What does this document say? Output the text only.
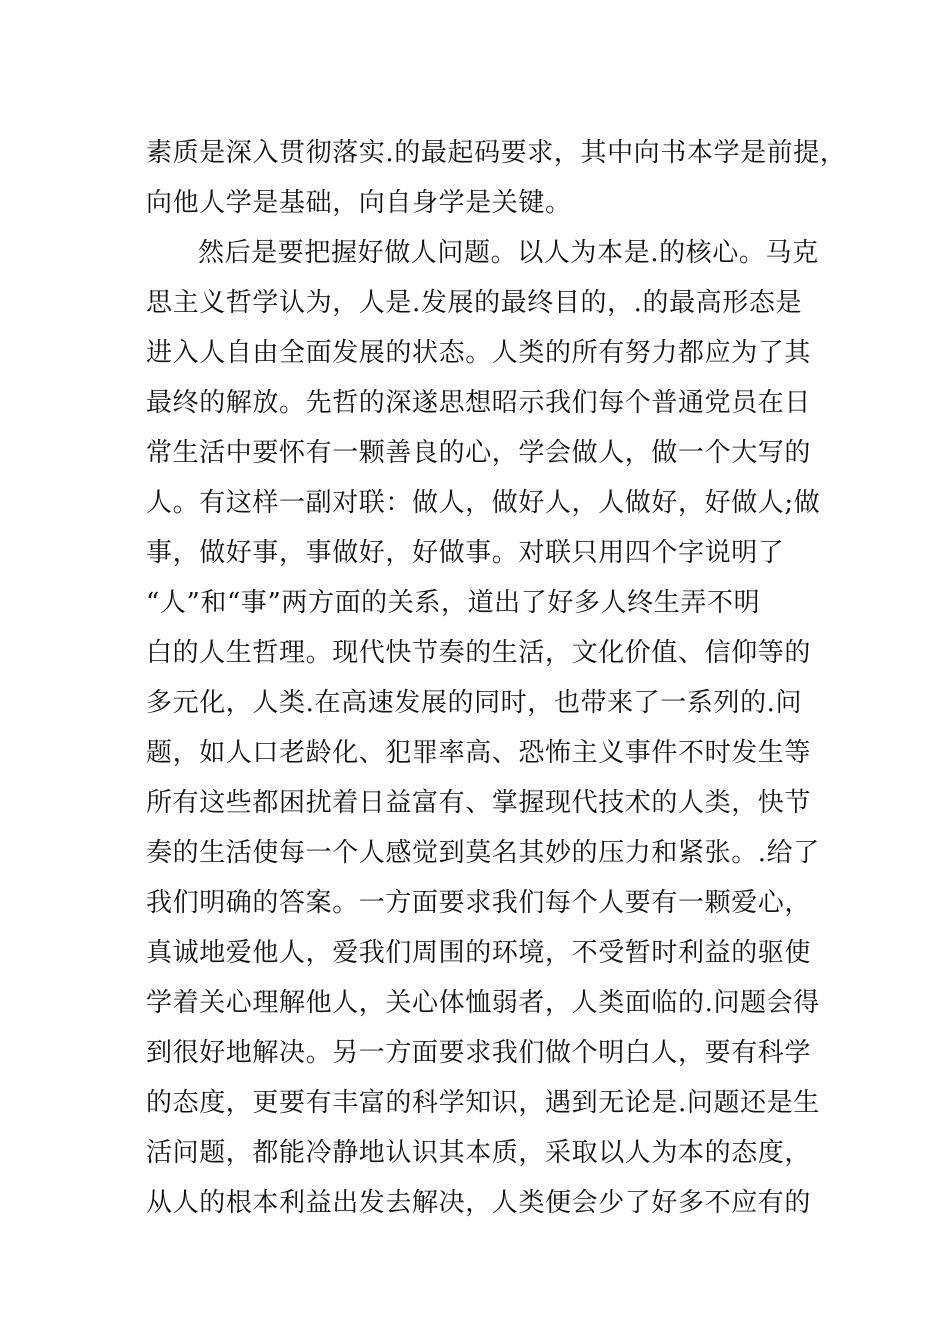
素质是深入贯彻落实.的最起码要求，其中向书本学是前提，
向他人学是基础，向自身学是关键。
然后是要把握好做人问题。以人为本是.的核心。马克
思主义哲学认为，人是.发展的最终目的，.的最高形态是
进入人自由全面发展的状态。人类的所有努力都应为了其
最终的解放。先哲的深遂思想昭示我们每个普通党员在日
常生活中要怀有一颗善良的心，学会做人，做一个大写的
人。有这样一副对联：做人，做好人，人做好，好做人;做
事，做好事，事做好，好做事。对联只用四个字说明了
“人”和“事”两方面的关系，道出了好多人终生弄不明
白的人生哲理。现代快节奏的生活，文化价值、信仰等的
多元化，人类.在高速发展的同时，也带来了一系列的.问
题，如人口老龄化、犯罪率高、恐怖主义事件不时发生等
所有这些都困扰着日益富有、掌握现代技术的人类，快节
奏的生活使每一个人感觉到莫名其妙的压力和紧张。.给了
我们明确的答案。一方面要求我们每个人要有一颗爱心，
真诚地爱他人，爱我们周围的环境，不受暂时利益的驱使
学着关心理解他人，关心体恤弱者，人类面临的.问题会得
到很好地解决。另一方面要求我们做个明白人，要有科学
的态度，更要有丰富的科学知识，遇到无论是.问题还是生
活问题，都能冷静地认识其本质，采取以人为本的态度，
从人的根本利益出发去解决，人类便会少了好多不应有的
